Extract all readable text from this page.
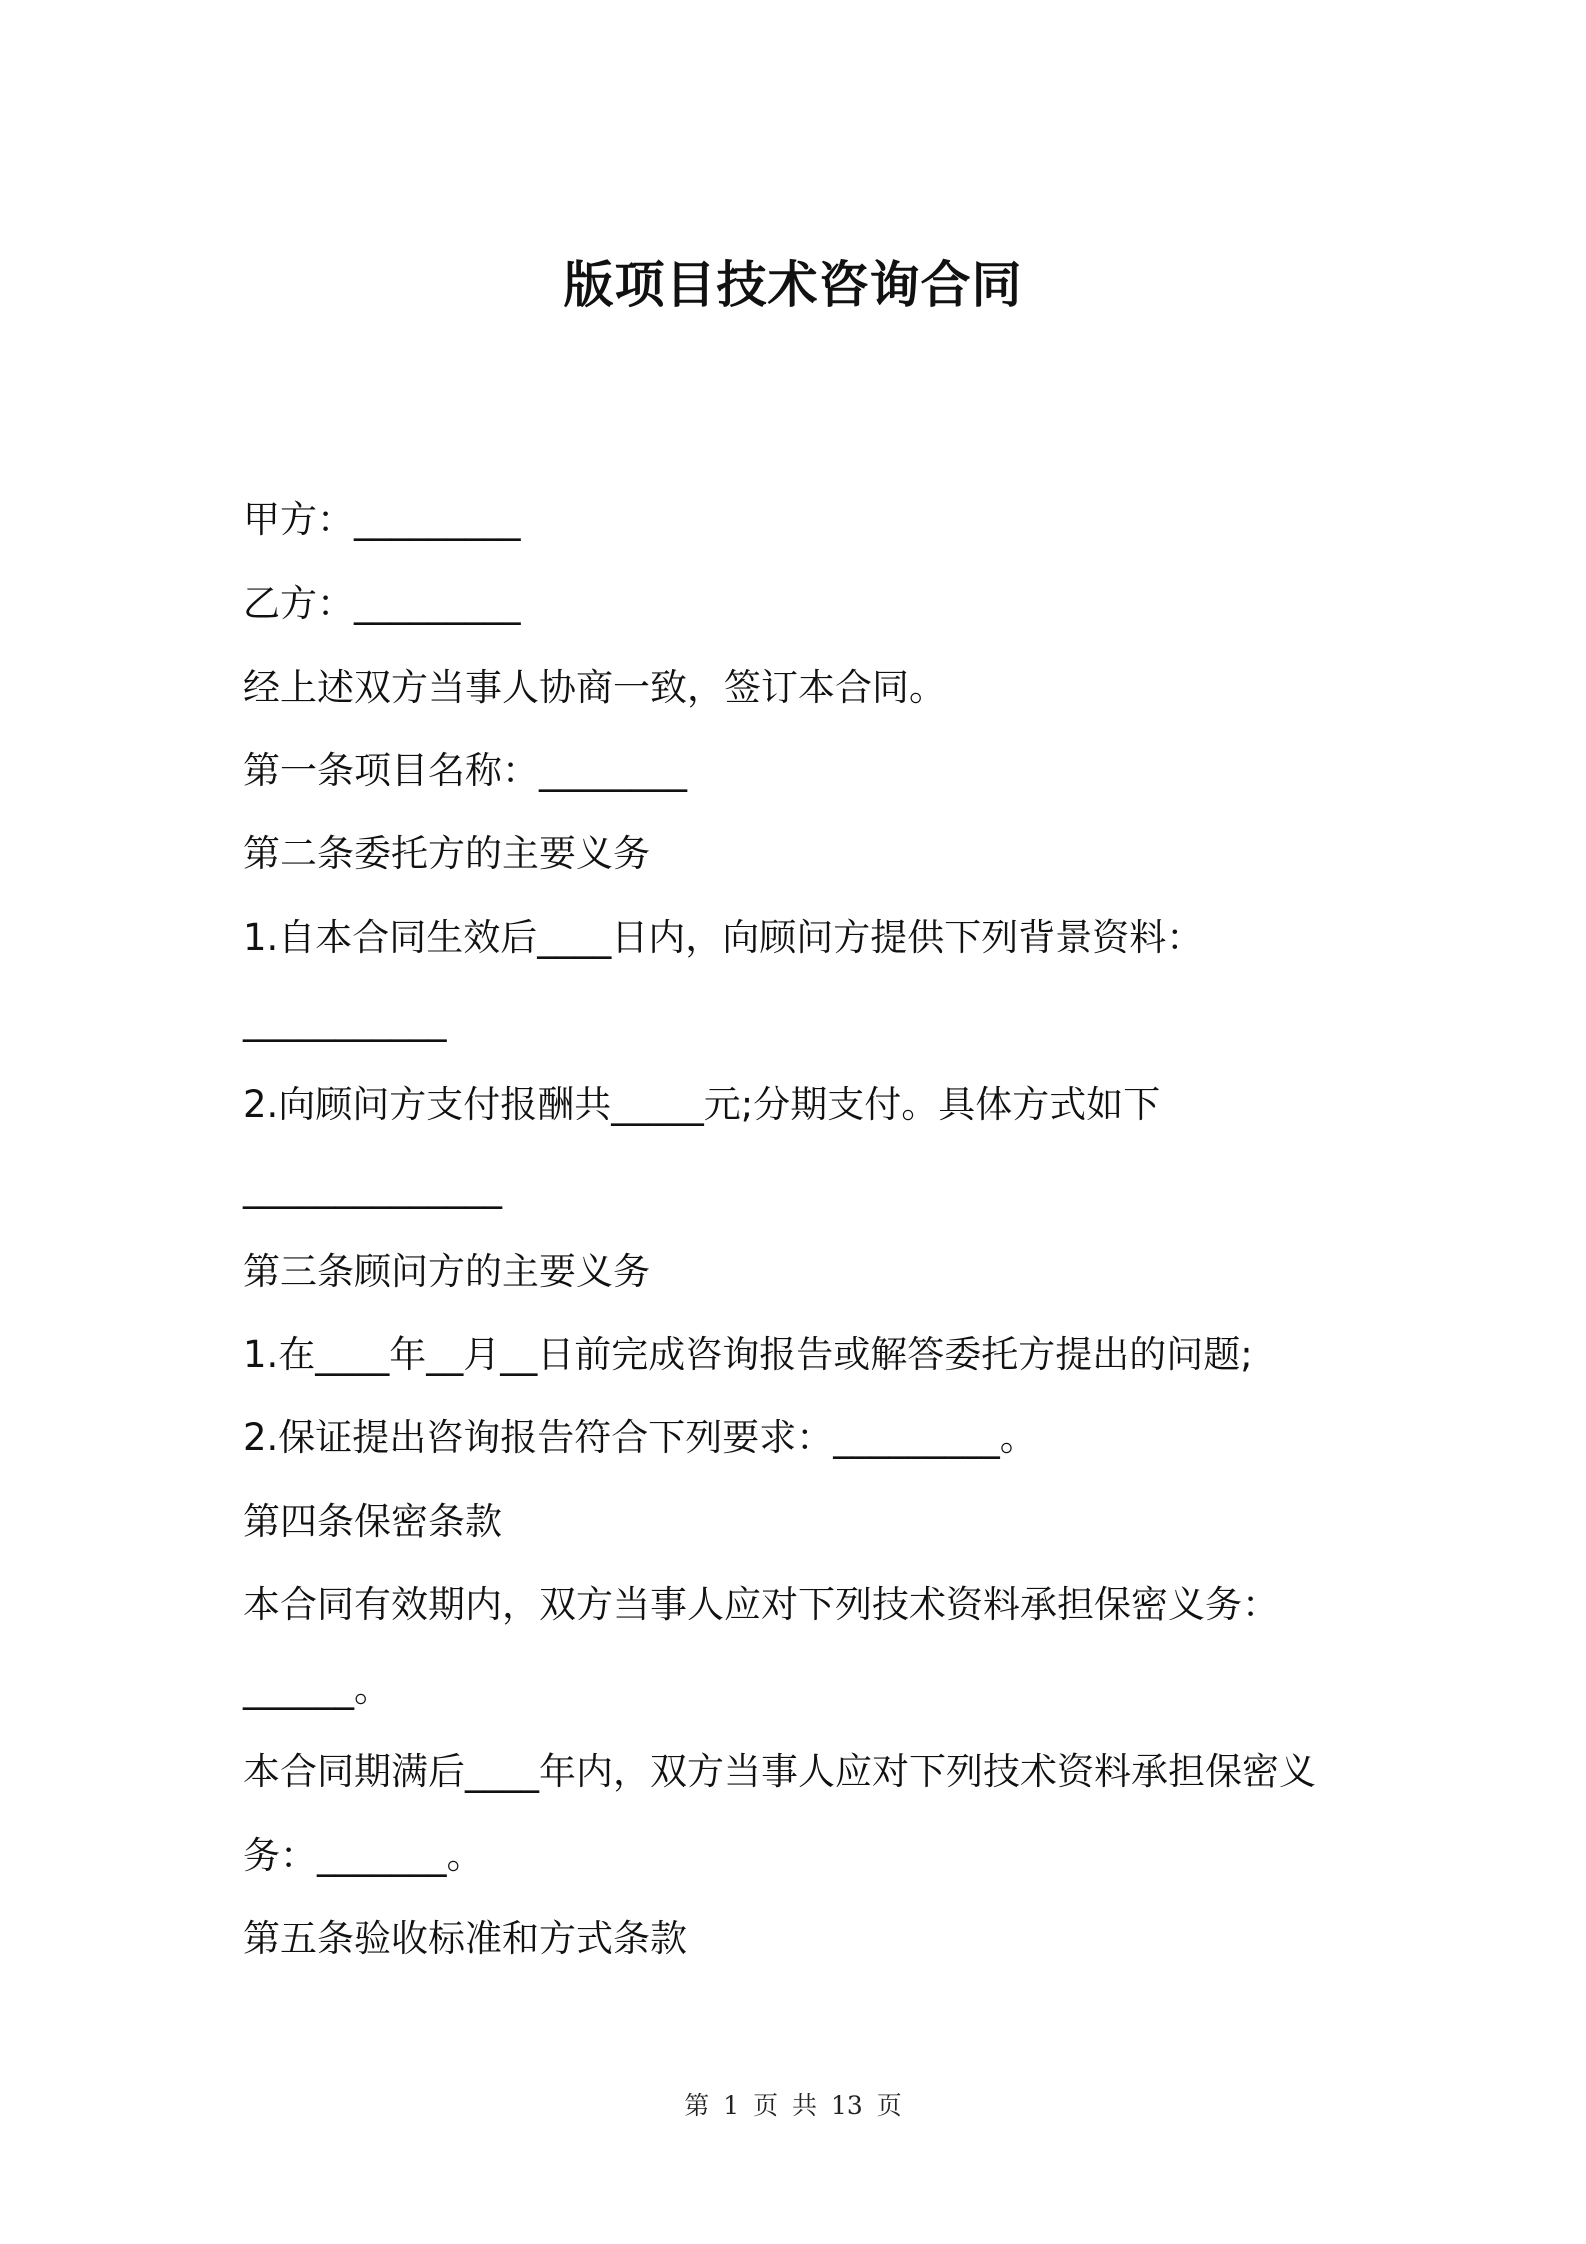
版项目技术咨询合同

甲方：_________

乙方：_________

经上述双方当事人协商一致，签订本合同。

第一条项目名称：________

第二条委托方的主要义务

1.自本合同生效后____日内，向顾问方提供下列背景资料：

___________

2.向顾问方支付报酬共_____元;分期支付。具体方式如下

______________

第三条顾问方的主要义务

1.在____年__月__日前完成咨询报告或解答委托方提出的问题;

2.保证提出咨询报告符合下列要求：_________。

第四条保密条款

本合同有效期内，双方当事人应对下列技术资料承担保密义务：

______。

本合同期满后____年内，双方当事人应对下列技术资料承担保密义

务：_______。

第五条验收标准和方式条款

第 1 页 共 13 页
